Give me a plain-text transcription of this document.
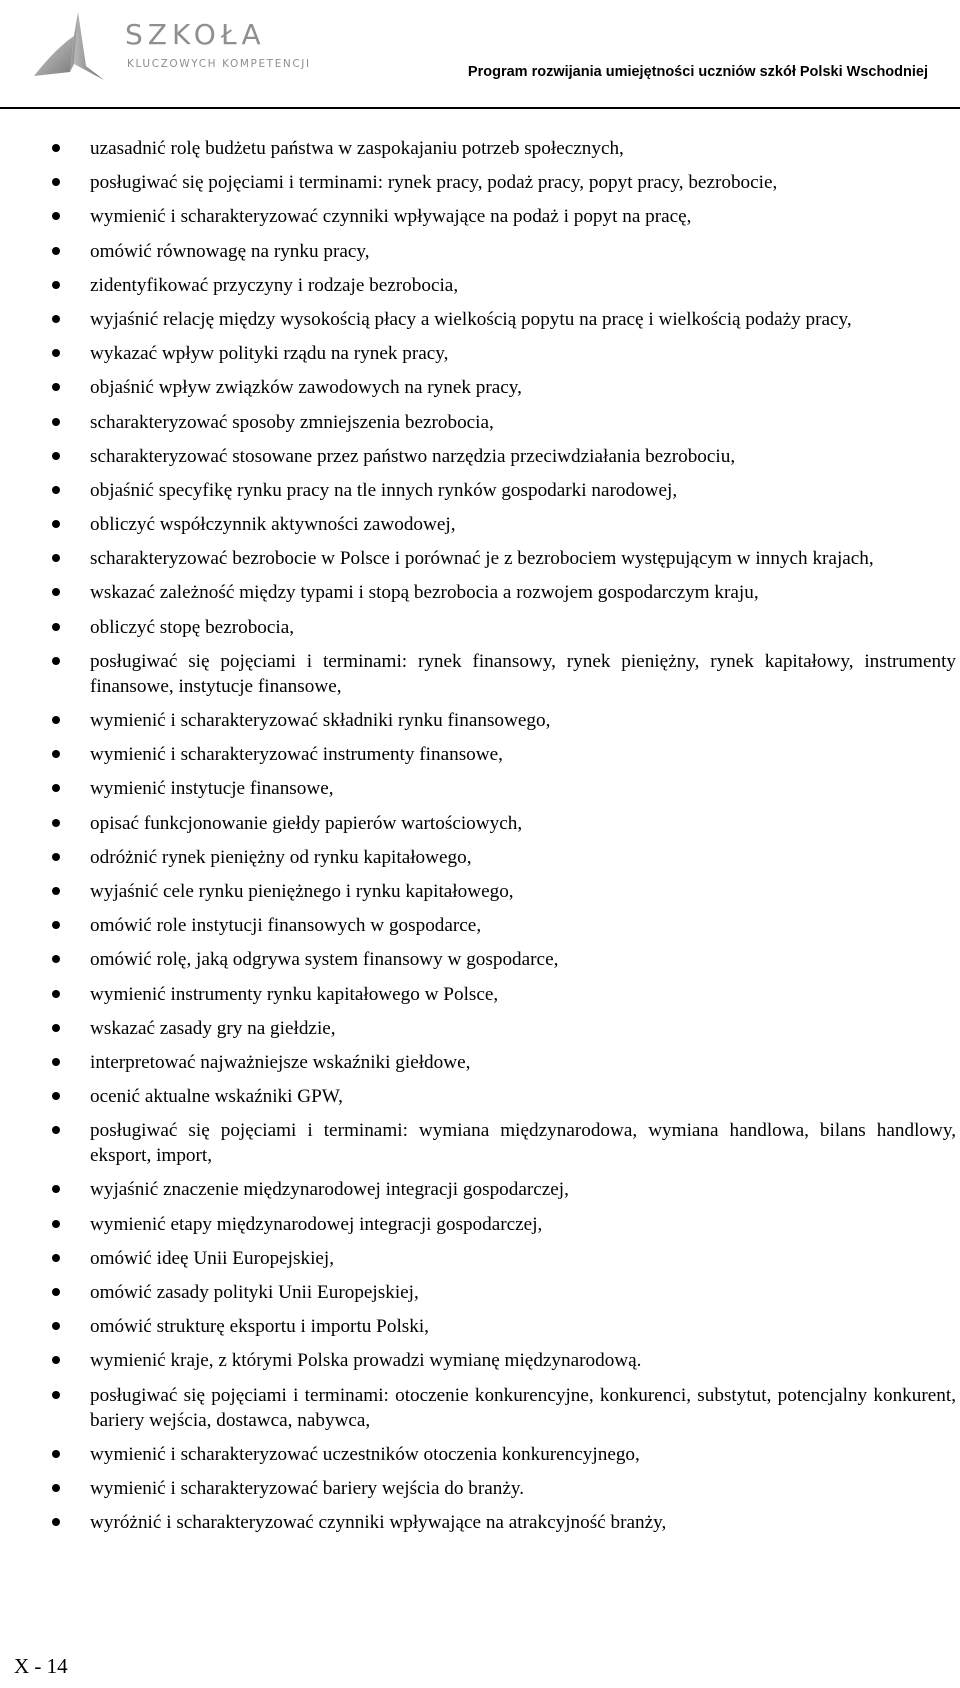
SZKOŁA
KLUCZOWYCH KOMPETENCJI	Program rozwijania umiejętności uczniów szkół Polski Wschodniej
uzasadnić rolę budżetu państwa w zaspokajaniu potrzeb społecznych,
posługiwać się pojęciami i terminami: rynek pracy, podaż pracy, popyt pracy, bezrobocie,
wymienić i scharakteryzować czynniki wpływające na podaż i popyt na pracę,
omówić równowagę na rynku pracy,
zidentyfikować przyczyny i rodzaje bezrobocia,
wyjaśnić relację między wysokością płacy a wielkością popytu na pracę i wielkością podaży pracy,
wykazać wpływ polityki rządu na rynek pracy,
objaśnić wpływ związków zawodowych na rynek pracy,
scharakteryzować sposoby zmniejszenia bezrobocia,
scharakteryzować stosowane przez państwo narzędzia przeciwdziałania bezrobociu,
objaśnić specyfikę rynku pracy na tle innych rynków gospodarki narodowej,
obliczyć współczynnik aktywności zawodowej,
scharakteryzować bezrobocie w Polsce i porównać je z bezrobociem występującym w innych krajach,
wskazać zależność między typami i stopą bezrobocia a rozwojem gospodarczym kraju,
obliczyć stopę bezrobocia,
posługiwać się pojęciami i terminami: rynek finansowy, rynek pieniężny, rynek kapitałowy, instrumenty finansowe, instytucje finansowe,
wymienić i scharakteryzować składniki rynku finansowego,
wymienić i scharakteryzować instrumenty finansowe,
wymienić instytucje finansowe,
opisać funkcjonowanie giełdy papierów wartościowych,
odróżnić rynek pieniężny od rynku kapitałowego,
wyjaśnić cele rynku pieniężnego i rynku kapitałowego,
omówić role instytucji finansowych w gospodarce,
omówić rolę, jaką odgrywa system finansowy w gospodarce,
wymienić instrumenty rynku kapitałowego w Polsce,
wskazać zasady gry na giełdzie,
interpretować najważniejsze wskaźniki giełdowe,
ocenić aktualne wskaźniki GPW,
posługiwać się pojęciami i terminami: wymiana międzynarodowa, wymiana handlowa, bilans handlowy, eksport, import,
wyjaśnić znaczenie międzynarodowej integracji gospodarczej,
wymienić etapy międzynarodowej integracji gospodarczej,
omówić ideę Unii Europejskiej,
omówić zasady polityki Unii Europejskiej,
omówić strukturę eksportu i importu Polski,
wymienić kraje, z którymi Polska prowadzi wymianę międzynarodową.
posługiwać się pojęciami i terminami: otoczenie konkurencyjne, konkurenci, substytut, potencjalny konkurent, bariery wejścia, dostawca, nabywca,
wymienić i scharakteryzować uczestników otoczenia konkurencyjnego,
wymienić i scharakteryzować bariery wejścia do branży.
wyróżnić i scharakteryzować czynniki wpływające na atrakcyjność branży,
X - 14
